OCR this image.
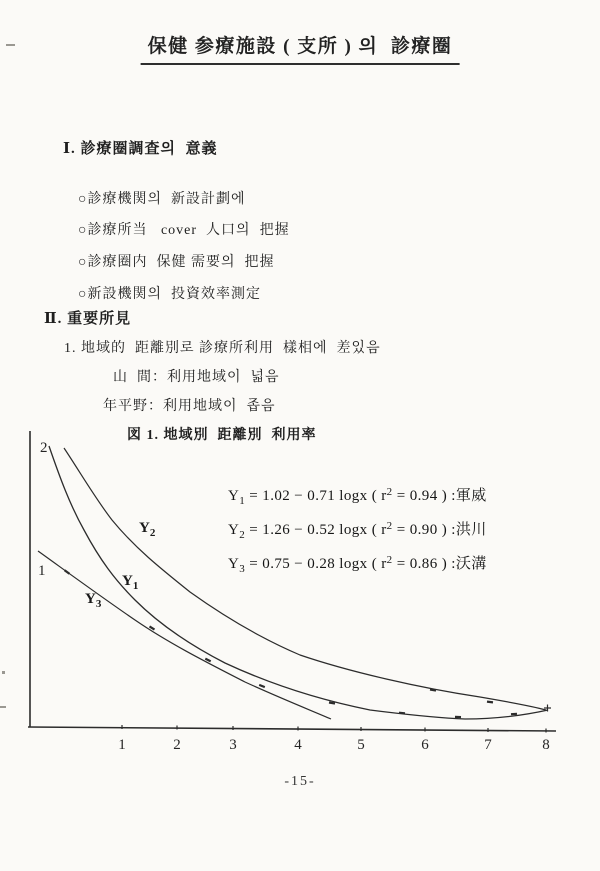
保健 参療施設 ( 支所 ) 의  診療圈
Ⅰ. 診療圈調査의  意義
○診療機関의  新設計劃에
○診療所当   cover  人口의  把握
○診療圈内  保健 需要의  把握
○新設機関의  投資效率測定
Ⅱ. 重要所見
1. 地域的  距離別로 診療所利用  樣相에  差있음
山  間：利用地域이  넓음
年平野：利用地域이  좁음
図 1. 地域別  距離別  利用率
2
1
1	2	3	4	5	6	7	8
$Y_2$
$Y_1$
$Y_3$
$Y_1 = 1.02 - 0.71$ logx ( $r^2 = 0.94$ ) :軍威
$Y_2 = 1.26 - 0.52$ logx ( $r^2 = 0.90$ ) :洪川
$Y_3 = 0.75 - 0.28$ logx ( $r^2 = 0.86$ ) :沃溝
-15-
